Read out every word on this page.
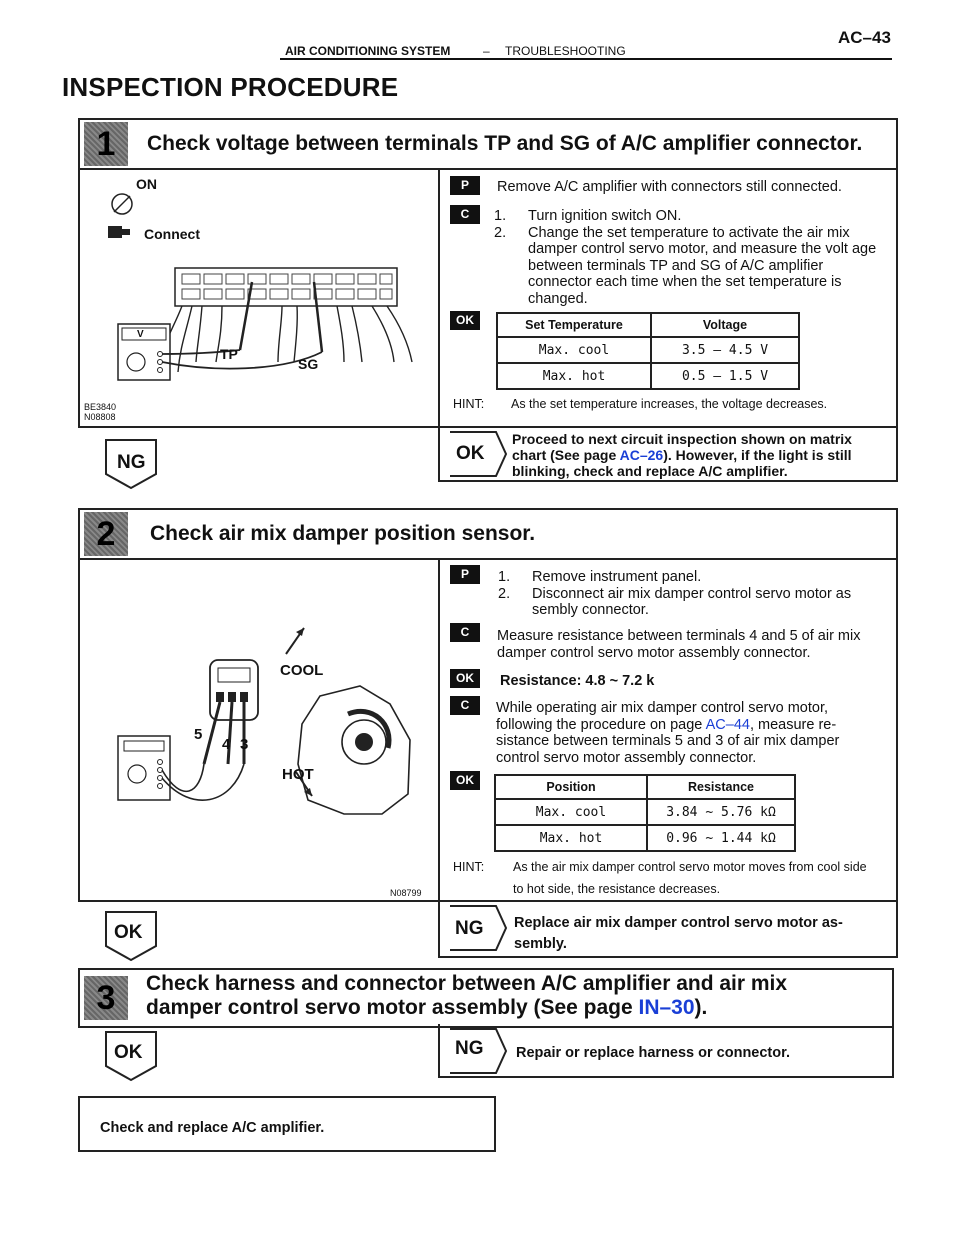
AIR CONDITIONING SYSTEM	– TROUBLESHOOTING
AC–43
INSPECTION PROCEDURE
1	Check voltage between terminals TP and SG of A/C amplifier connector.
ON
Connect
TP
SG
V
BE3840
N08808
P	Remove A/C amplifier with connectors still connected.
C	1.	Turn ignition switch ON.
2.	Change the set temperature to activate the air mix damper control servo motor, and measure the volt age between terminals TP and SG of A/C amplifier connector each time when the set temperature is changed.
OK	Set Temperature	Voltage
Max. cool	3.5 – 4.5 V
Max. hot	0.5 – 1.5 V
HINT: As the set temperature increases, the voltage decreases.
NG	OK
Proceed to next circuit inspection shown on matrix chart (See page AC–26). However, if the light is still blinking, check and replace A/C amplifier.
2	Check air mix damper position sensor.
COOL
HOT
5
4 3
N08799
P	1.	Remove instrument panel.
2.	Disconnect air mix damper control servo motor as sembly connector.
C	Measure resistance between terminals 4 and 5 of air mix damper control servo motor assembly connector.
OK	Resistance: 4.8 ~ 7.2 k
C	While operating air mix damper control servo motor, following the procedure on page AC–44, measure re- sistance between terminals 5 and 3 of air mix damper control servo motor assembly connector.
OK	Position	Resistance
Max. cool	3.84 ~ 5.76 kΩ
Max. hot	0.96 ~ 1.44 kΩ
HINT: As the air mix damper control servo motor moves from cool side to hot side, the resistance decreases.
OK	NG Replace air mix damper control servo motor as- sembly.
3	Check harness and connector between A/C amplifier and air mix damper control servo motor assembly (See page IN–30).
OK	NG Repair or replace harness or connector.
Check and replace A/C amplifier.
